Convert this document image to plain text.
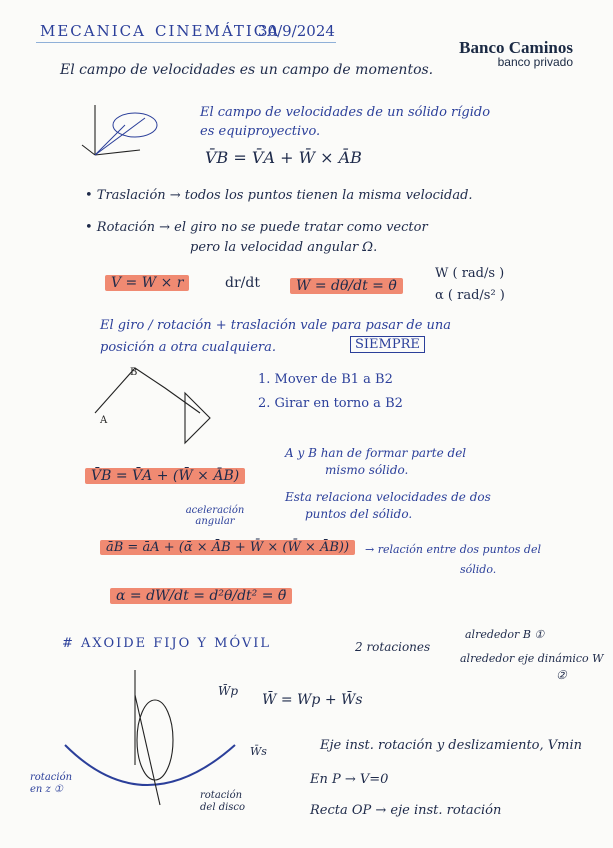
MECANICA CINEMÁTICA
30/9/2024
Banco Caminos
banco privado
El campo de velocidades es un campo de momentos.
El campo de velocidades de un sólido rígido
es equiproyectivo.
V̄B = V̄A + W̄ × ĀB
• Traslación → todos los puntos tienen la misma velocidad.
• Rotación → el giro no se puede tratar como vector
pero la velocidad angular Ω.
V = W × r	dr/dt	W = dθ/dt = θ̇
W ( rad/s )
α ( rad/s² )
El giro / rotación + traslación vale para pasar de una
posición a otra cualquiera.	SIEMPRE
B
A
1. Mover de B1 a B2
2. Girar en torno a B2
V̄B = V̄A + (W̄ × ĀB)
A y B han de formar parte del
mismo sólido.
Esta relaciona velocidades de dos
puntos del sólido.
aceleración angular
āB = āA + (ᾱ × ĀB + W̄ × (W̄ × ĀB))	→ relación entre dos puntos del
sólido.
α = dW/dt = d²θ/dt² = θ̈
# AXOIDE FIJO Y MÓVIL	2 rotaciones
alrededor B ①
alrededor eje dinámico W
②
W̄p
W̄ = Wp + W̄s
W̄s	Eje inst. rotación y deslizamiento, Vmin
En P → V=0
Recta OP → eje inst. rotación
rotación en z ①
rotación del disco
